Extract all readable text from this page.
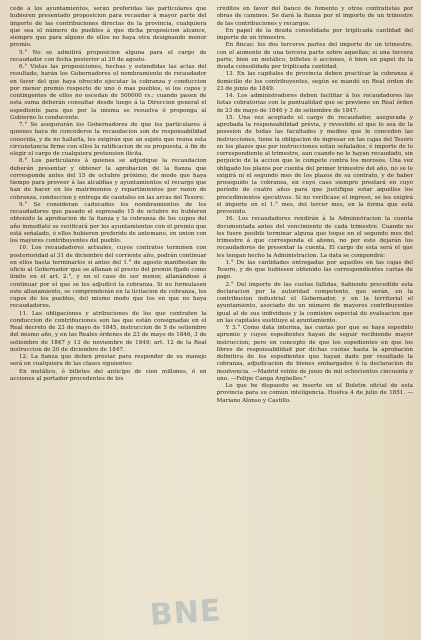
cede á los ayuntamientos, serán preferidas las particulares que hubieren presentado proposicion para recaudar á mayor parte del importe de las contribuciones directas de la provincia, cualquiera que sea el número de pueblos á que dicha proposicion alcance, siempre que para alguno de ellos no haya otra designando menor premio.

5.° No se admitirá proposicion alguna para el cargo de recaudador con fecha posterior al 20 de agosto.

6.° Vistas las proposiciones, hechas y estendidas las actas del resultado, harán los Gobernadores el nombramiento de recaudador en favor del que haya ofrecido ejecutar la cobranza y conduccion por menor premio respecto de uno ó mas pueblos, si los cupos y contingentes de ellos no escedan de 500000 rs.; cuando pasen de esta suma deberán consultar desde luego á la Direccion general el espediente para que por la misma se resuelva ó proponga al Gobierno lo conducente.

7.° Se asegurarán los Gobernadores de que los particulares á quienes haya de concederse la recaudacion son de responsabilidad conocida, y de no hallarla, les exigirán que un sujeto que reuna esta circunstancia firme con ellos la ratificacion de su propuesta, á fin de elegir el cargo de cualquiera pretension ilícita.

8.° Los particulares á quienes se adjudique la recaudacion deberán presentar y obtener la aprobacion de la fianza que corresponde antes del 15 de octubre próximo, de modo que haya tiempo para proveer á las alcaldías y ayuntamientos el recargo que han de hacer en los matrimonios y repartimientos por razon de cobranza, conduccion y entrega de caudales en las arcas del Tesoro.

9.° Se consideran caducados los nombramientos de los recaudadores que pasado el espresado 15 de octubre no hubieren obtenido la aprobacion de la fianza y la cobranza de los cupos del año inmediato se verificará por los ayuntamientos con el premio que está señalado, ó ellos hubieren preferido de antemano, en union con los mayores contribuyentes del pueblo.

10. Los recaudadores actuales, cuyos contratos terminen con posterioridad al 31 de diciembre del corriente año, podrán continuar en ellos hasta terminarlos si antes del 1.° de agosto manifiestan de oficio al Gobernador que se allanan al precio del premio fijado como límite en el art. 2.°, y en el caso de ser menor, allanándose á continuar por el que se les adjudicó la cobranza. Si no formulasen este allanamiento, se comprenderán en la licitacion de cobranza, los cupos de los pueblos, del mismo modo que los en que no haya recaudadores.

11. Las obligaciones y atribuciones de los que contraten la conduccion de contribuciones son las que están consignadas en el Real decreto de 23 de mayo de 1845, instruccion de 5 de setiembre del mismo año, y en las Reales órdenes de 23 de mayo de 1846, 3 de setiembre de 1847 y 13 de noviembre de 1849; art. 12 de la Real instruccion de 20 de diciembre de 1847.

12. La fianza que deben prestar para responder de su manejo será en cualquiera de las clases siguientes:

En metálico, ó billetes del anticipo de cien millones, ó en acciones al portador procedentes de los

créditos en favor del banco de fomento y otros contratistas por obras de caminos. Se dará la fianza por el importe de un trimestre de las contribuciones y recargos.

En papel de la deuda consolidada por triplicada cantidad del importe de un trimestre.

En fincas: los dos terceros partes del importe de un trimestre, con el aumento de una tercera parte sobre aquellas; si una tercera parte, bien en metálico, billetes ó acciones, ó bien en papel de la deuda consolidada por triplicada cantidad.

13. En las capitales de provincia deben practicar la cobranza á domicilio de los contribuyentes, según se mandó en Real órden de 23 de junio de 1849.

14. Los administradores deben facilitar á los recaudadores las listas cobratorias con la puntualidad que se previene en Real órden de 23 de mayo de 1846 y 3 de setiembre de 1847.

15. Una vez aceptado el cargo de recaudador, asegurada y aprobada la responsabilidad prévia, y revestido el que lo sea de la posesion de todas las facultades y medios que le conceden las instrucciones, tiene la obligacion de ingresar en las cajas del Tesoro en los plazos que por instrucciones están señalados, é importe de lo correspondiente al trimestre, aun cuando no lo hayan recaudado, sin perjuicio de la accion que le compete contra los morosos. Una vez obligado los plazos por cuenta del primer trimestre del año, no se le exigirá ni el segundo mes de los plazos de su contrato, y de haber proseguido la cobranza, en cuyo caso siempre prestará en cuyo período de cuatro años para que justifique estar aquellos los procedimientos ejecutivos. Si no verificase el ingreso, se les exigirá el importe en el 1.° mes, del tercer mes, en la forma que está prevenido.

16. Los recaudadores rendirán á la Administracion la cuenta documentada antes del vencimiento de cada trimestre. Cuando no les fuere posible terminar alguna que toque en el segundo mes del trimestre á que corresponda el abono, no por esto dejarán los recaudadores de presentar la cuenta. El cargo de esta será el que les tengan hecho la Administracion. La data se compondrá:

1.° De las cantidades entregadas por aquellos en las cajas del Tesoro, y de que hubiesen obtenido las correspondientes cartas de pago.

2.° Del importe de las cuotas fallidas, habiendo precedido esta declaracion por la autoridad competente, que serán, en la contribucion industrial el Gobernador, y en la territorial el ayuntamiento, asociado de un número de mayores contribuyentes igual al de sus individuos y la comision especial de evaluacion que en las capitales sustituye al ayuntamiento.

Y 3.° Como data interina, las cuotas por que se haya espedido apremio y cuyos espedientes hayan de seguir recibiendo mayor instruccion; pero en concepto de que los espedientes en que los libres de responsabilidad por dichas cuotas hasta la aprobacion definitiva de los espedientes que hayan dado por resultado la cobranza, adjudicacion de bienes embargados ó la declaracion de insolvencia. —Madrid veinte de junio de mil ochocientos cincuenta y uno. —Felipe Canga Argüelles."

Lo que he dispuesto se inserte en el Boletin oficial de esta provincia para su comun inteligencia. Huelva 4 de julio de 1851. —Mariano Alonso y Castillo.

BNE
